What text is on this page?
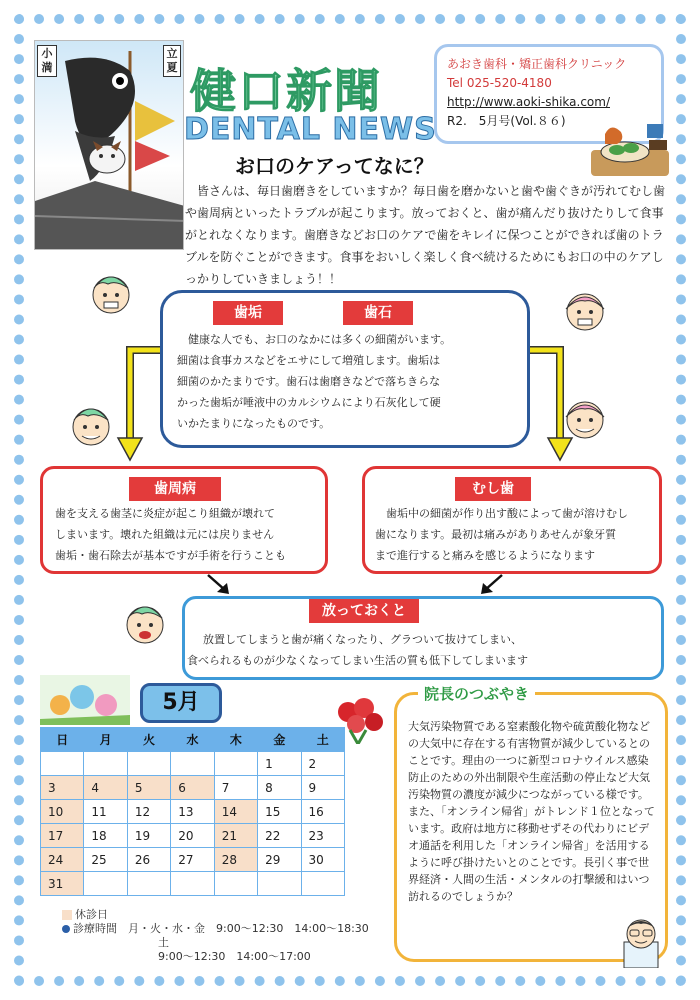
小満
立夏 健口新聞
DENTAL NEWS
あおき歯科・矯正歯科クリニック
Tel 025-520-4180
http://www.aoki-shika.com/
R2.　5月号(Vol.８６)
お口のケアってなに？
皆さんは、毎日歯磨きをしていますか？毎日歯を磨かないと歯や歯ぐきが汚れてむし歯や歯周病といったトラブルが起こります。放っておくと、歯が痛んだり抜けたりして食事がとれなくなります。歯磨きなどお口のケアで歯をキレイに保つことができれば歯のトラブルを防ぐことができます。食事をおいしく楽しく食べ続けるためにもお口の中のケアしっかりしていきましょう！！
歯垢	歯石
健康な人でも、お口のなかには多くの細菌がいます。
細菌は食事カスなどをエサにして増殖します。歯垢は
細菌のかたまりです。歯石は歯磨きなどで落ちきらな
かった歯垢が唾液中のカルシウムにより石灰化して硬
いかたまりになったものです。
歯周病
歯を支える歯茎に炎症が起こり組織が壊れて
しまいます。壊れた組織は元には戻りません
歯垢・歯石除去が基本ですが手術を行うことも
むし歯
歯垢中の細菌が作り出す酸によって歯が溶けむし
歯になります。最初は痛みがありあせんが象牙質
まで進行すると痛みを感じるようになります
放っておくと
放置してしまうと歯が痛くなったり、グラついて抜けてしまい、
食べられるものが少なくなってしまい生活の質も低下してしまいます
5月
日	月	火	水	木	金	土
					1	2
3	4	5	6	7	8	9
10	11	12	13	14	15	16
17	18	19	20	21	22	23
24	25	26	27	28	29	30
31						
休診日
診療時間　 月・火・水・金　9:00～12:30　14:00～18:30
土
9:00～12:30　14:00～17:00
院長のつぶやき
大気汚染物質である窒素酸化物や硫黄酸化物などの大気中に存在する有害物質が減少しているとのことです。理由の一つに新型コロナウイルス感染防止のための外出制限や生産活動の停止など大気汚染物質の濃度が減少につながっている様です。また、「オンライン帰省」がトレンド１位となっています。政府は地方に移動せずその代わりにビデオ通話を利用した「オンライン帰省」を活用するように呼び掛けたいとのことです。長引く事で世界経済・人間の生活・メンタルの打撃緩和はいつ訪れるのでしょうか？
